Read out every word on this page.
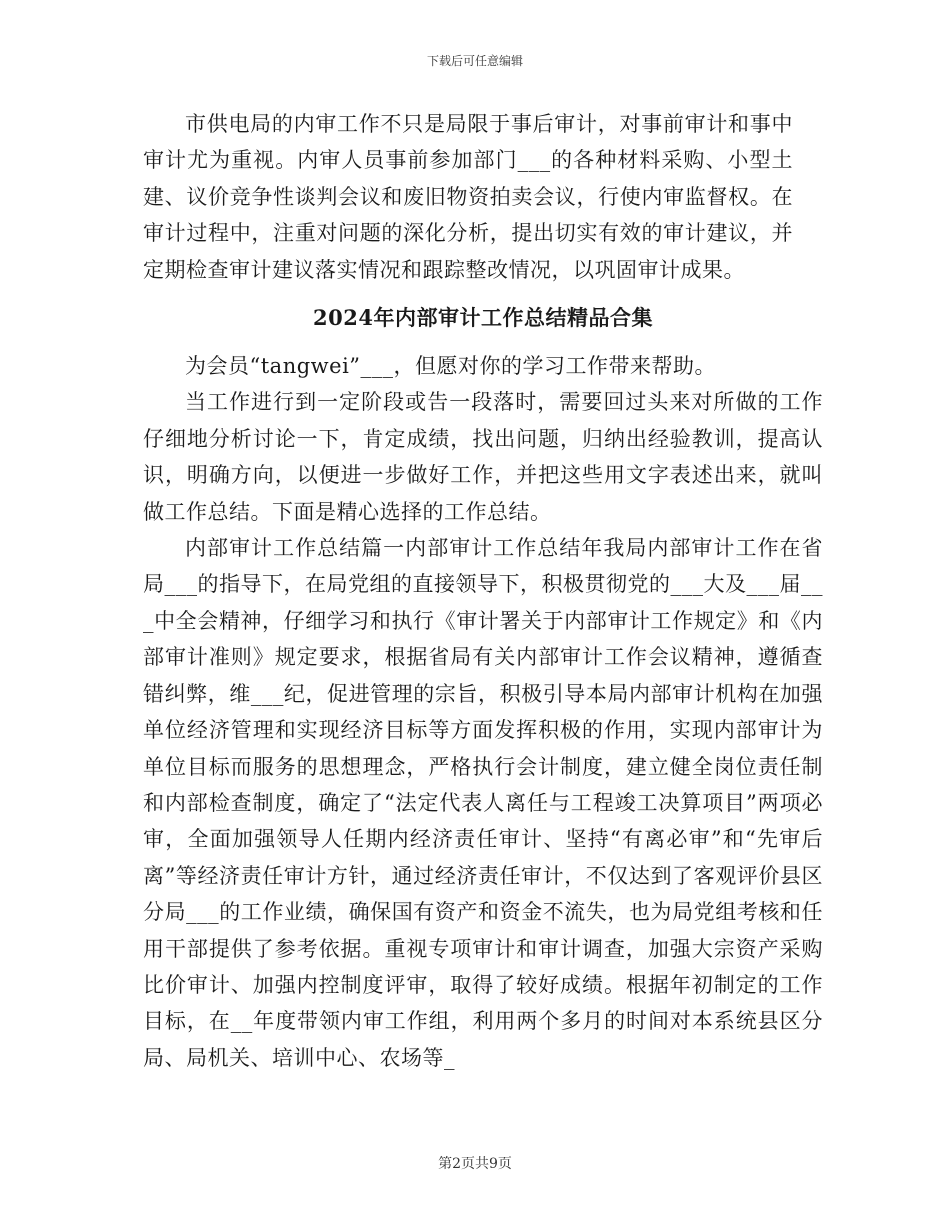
下载后可任意编辑

市供电局的内审工作不只是局限于事后审计，对事前审计和事中审计尤为重视。内审人员事前参加部门___的各种材料采购、小型土建、议价竞争性谈判会议和废旧物资拍卖会议，行使内审监督权。在审计过程中，注重对问题的深化分析，提出切实有效的审计建议，并定期检查审计建议落实情况和跟踪整改情况，以巩固审计成果。

2024年内部审计工作总结精品合集

为会员“tangwei”___，但愿对你的学习工作带来帮助。

当工作进行到一定阶段或告一段落时，需要回过头来对所做的工作仔细地分析讨论一下，肯定成绩，找出问题，归纳出经验教训，提高认识，明确方向，以便进一步做好工作，并把这些用文字表述出来，就叫做工作总结。下面是精心选择的工作总结。

内部审计工作总结篇一内部审计工作总结年我局内部审计工作在省局___的指导下，在局党组的直接领导下，积极贯彻党的___大及___届___中全会精神，仔细学习和执行《审计署关于内部审计工作规定》和《内部审计准则》规定要求，根据省局有关内部审计工作会议精神，遵循查错纠弊，维___纪，促进管理的宗旨，积极引导本局内部审计机构在加强单位经济管理和实现经济目标等方面发挥积极的作用，实现内部审计为单位目标而服务的思想理念，严格执行会计制度，建立健全岗位责任制和内部检查制度，确定了“法定代表人离任与工程竣工决算项目”两项必审，全面加强领导人任期内经济责任审计、坚持“有离必审”和“先审后离”等经济责任审计方针，通过经济责任审计，不仅达到了客观评价县区分局___的工作业绩，确保国有资产和资金不流失，也为局党组考核和任用干部提供了参考依据。重视专项审计和审计调查，加强大宗资产采购比价审计、加强内控制度评审，取得了较好成绩。根据年初制定的工作目标，在__年度带领内审工作组，利用两个多月的时间对本系统县区分局、局机关、培训中心、农场等_

第2页共9页
